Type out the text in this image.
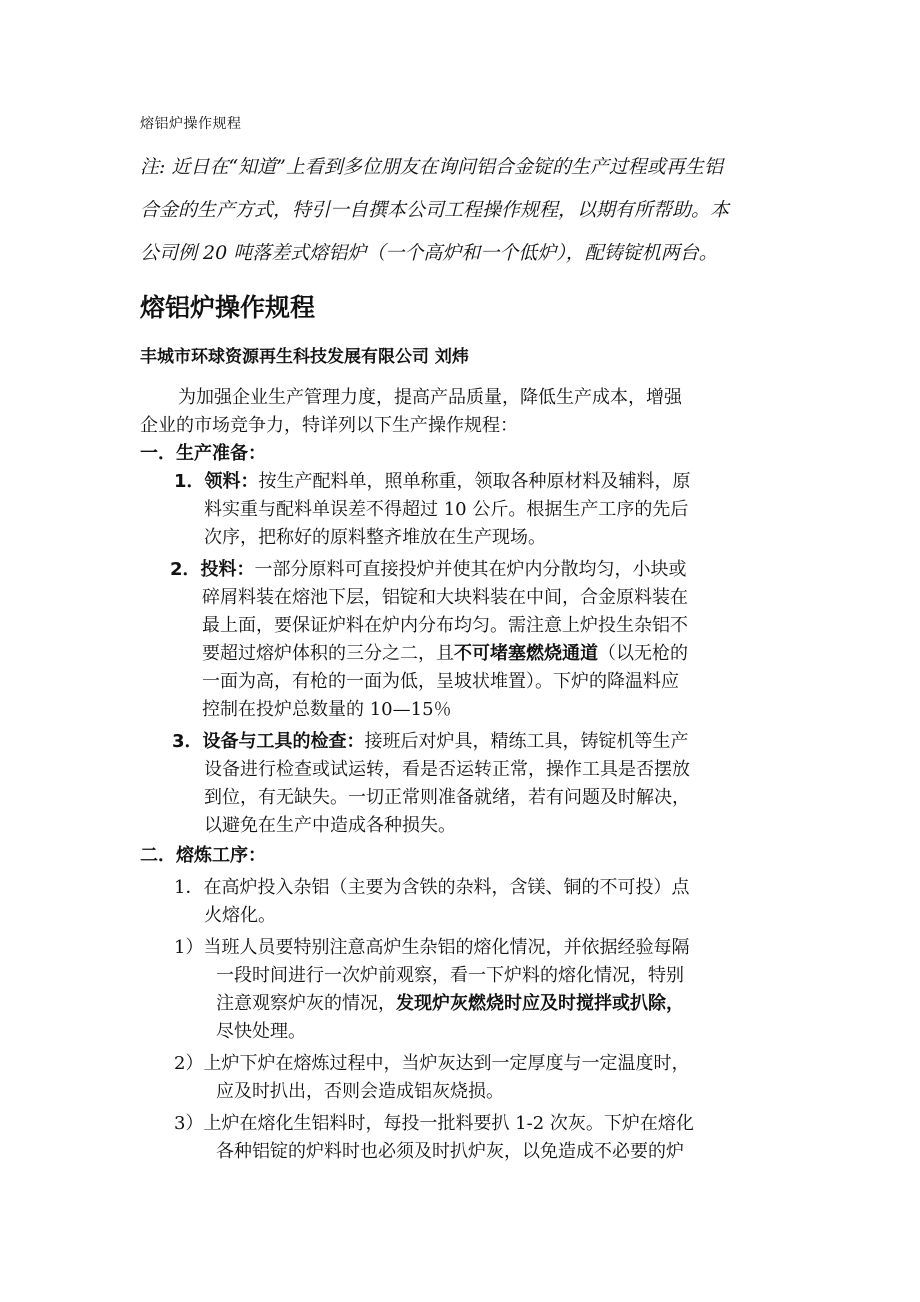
熔铝炉操作规程
注: 近日在“知道”上看到多位朋友在询问铝合金锭的生产过程或再生铝
合金的生产方式，特引一自撰本公司工程操作规程，以期有所帮助。本
公司例 20 吨落差式熔铝炉（一个高炉和一个低炉），配铸锭机两台。
熔铝炉操作规程
丰城市环球资源再生科技发展有限公司 刘炜
为加强企业生产管理力度，提高产品质量，降低生产成本，增强
企业的市场竞争力，特详列以下生产操作规程：
一．生产准备：
1．领料：按生产配料单，照单称重，领取各种原材料及辅料，原
料实重与配料单误差不得超过 10 公斤。根据生产工序的先后
次序，把称好的原料整齐堆放在生产现场。
2．投料：一部分原料可直接投炉并使其在炉内分散均匀，小块或
碎屑料装在熔池下层，铝锭和大块料装在中间，合金原料装在
最上面，要保证炉料在炉内分布均匀。需注意上炉投生杂铝不
要超过熔炉体积的三分之二，且不可堵塞燃烧通道（以无枪的
一面为高，有枪的一面为低，呈坡状堆置）。下炉的降温料应
控制在投炉总数量的 10—15％
3．设备与工具的检查：接班后对炉具，精练工具，铸锭机等生产
设备进行检查或试运转，看是否运转正常，操作工具是否摆放
到位，有无缺失。一切正常则准备就绪，若有问题及时解决，
以避免在生产中造成各种损失。
二．熔炼工序：
1．在高炉投入杂铝（主要为含铁的杂料，含镁、铜的不可投）点
火熔化。
1）当班人员要特别注意高炉生杂铝的熔化情况，并依据经验每隔
一段时间进行一次炉前观察，看一下炉料的熔化情况，特别
注意观察炉灰的情况，发现炉灰燃烧时应及时搅拌或扒除，
尽快处理。
2）上炉下炉在熔炼过程中，当炉灰达到一定厚度与一定温度时，
应及时扒出，否则会造成铝灰烧损。
3）上炉在熔化生铝料时，每投一批料要扒 1-2 次灰。下炉在熔化
各种铝锭的炉料时也必须及时扒炉灰，以免造成不必要的炉
